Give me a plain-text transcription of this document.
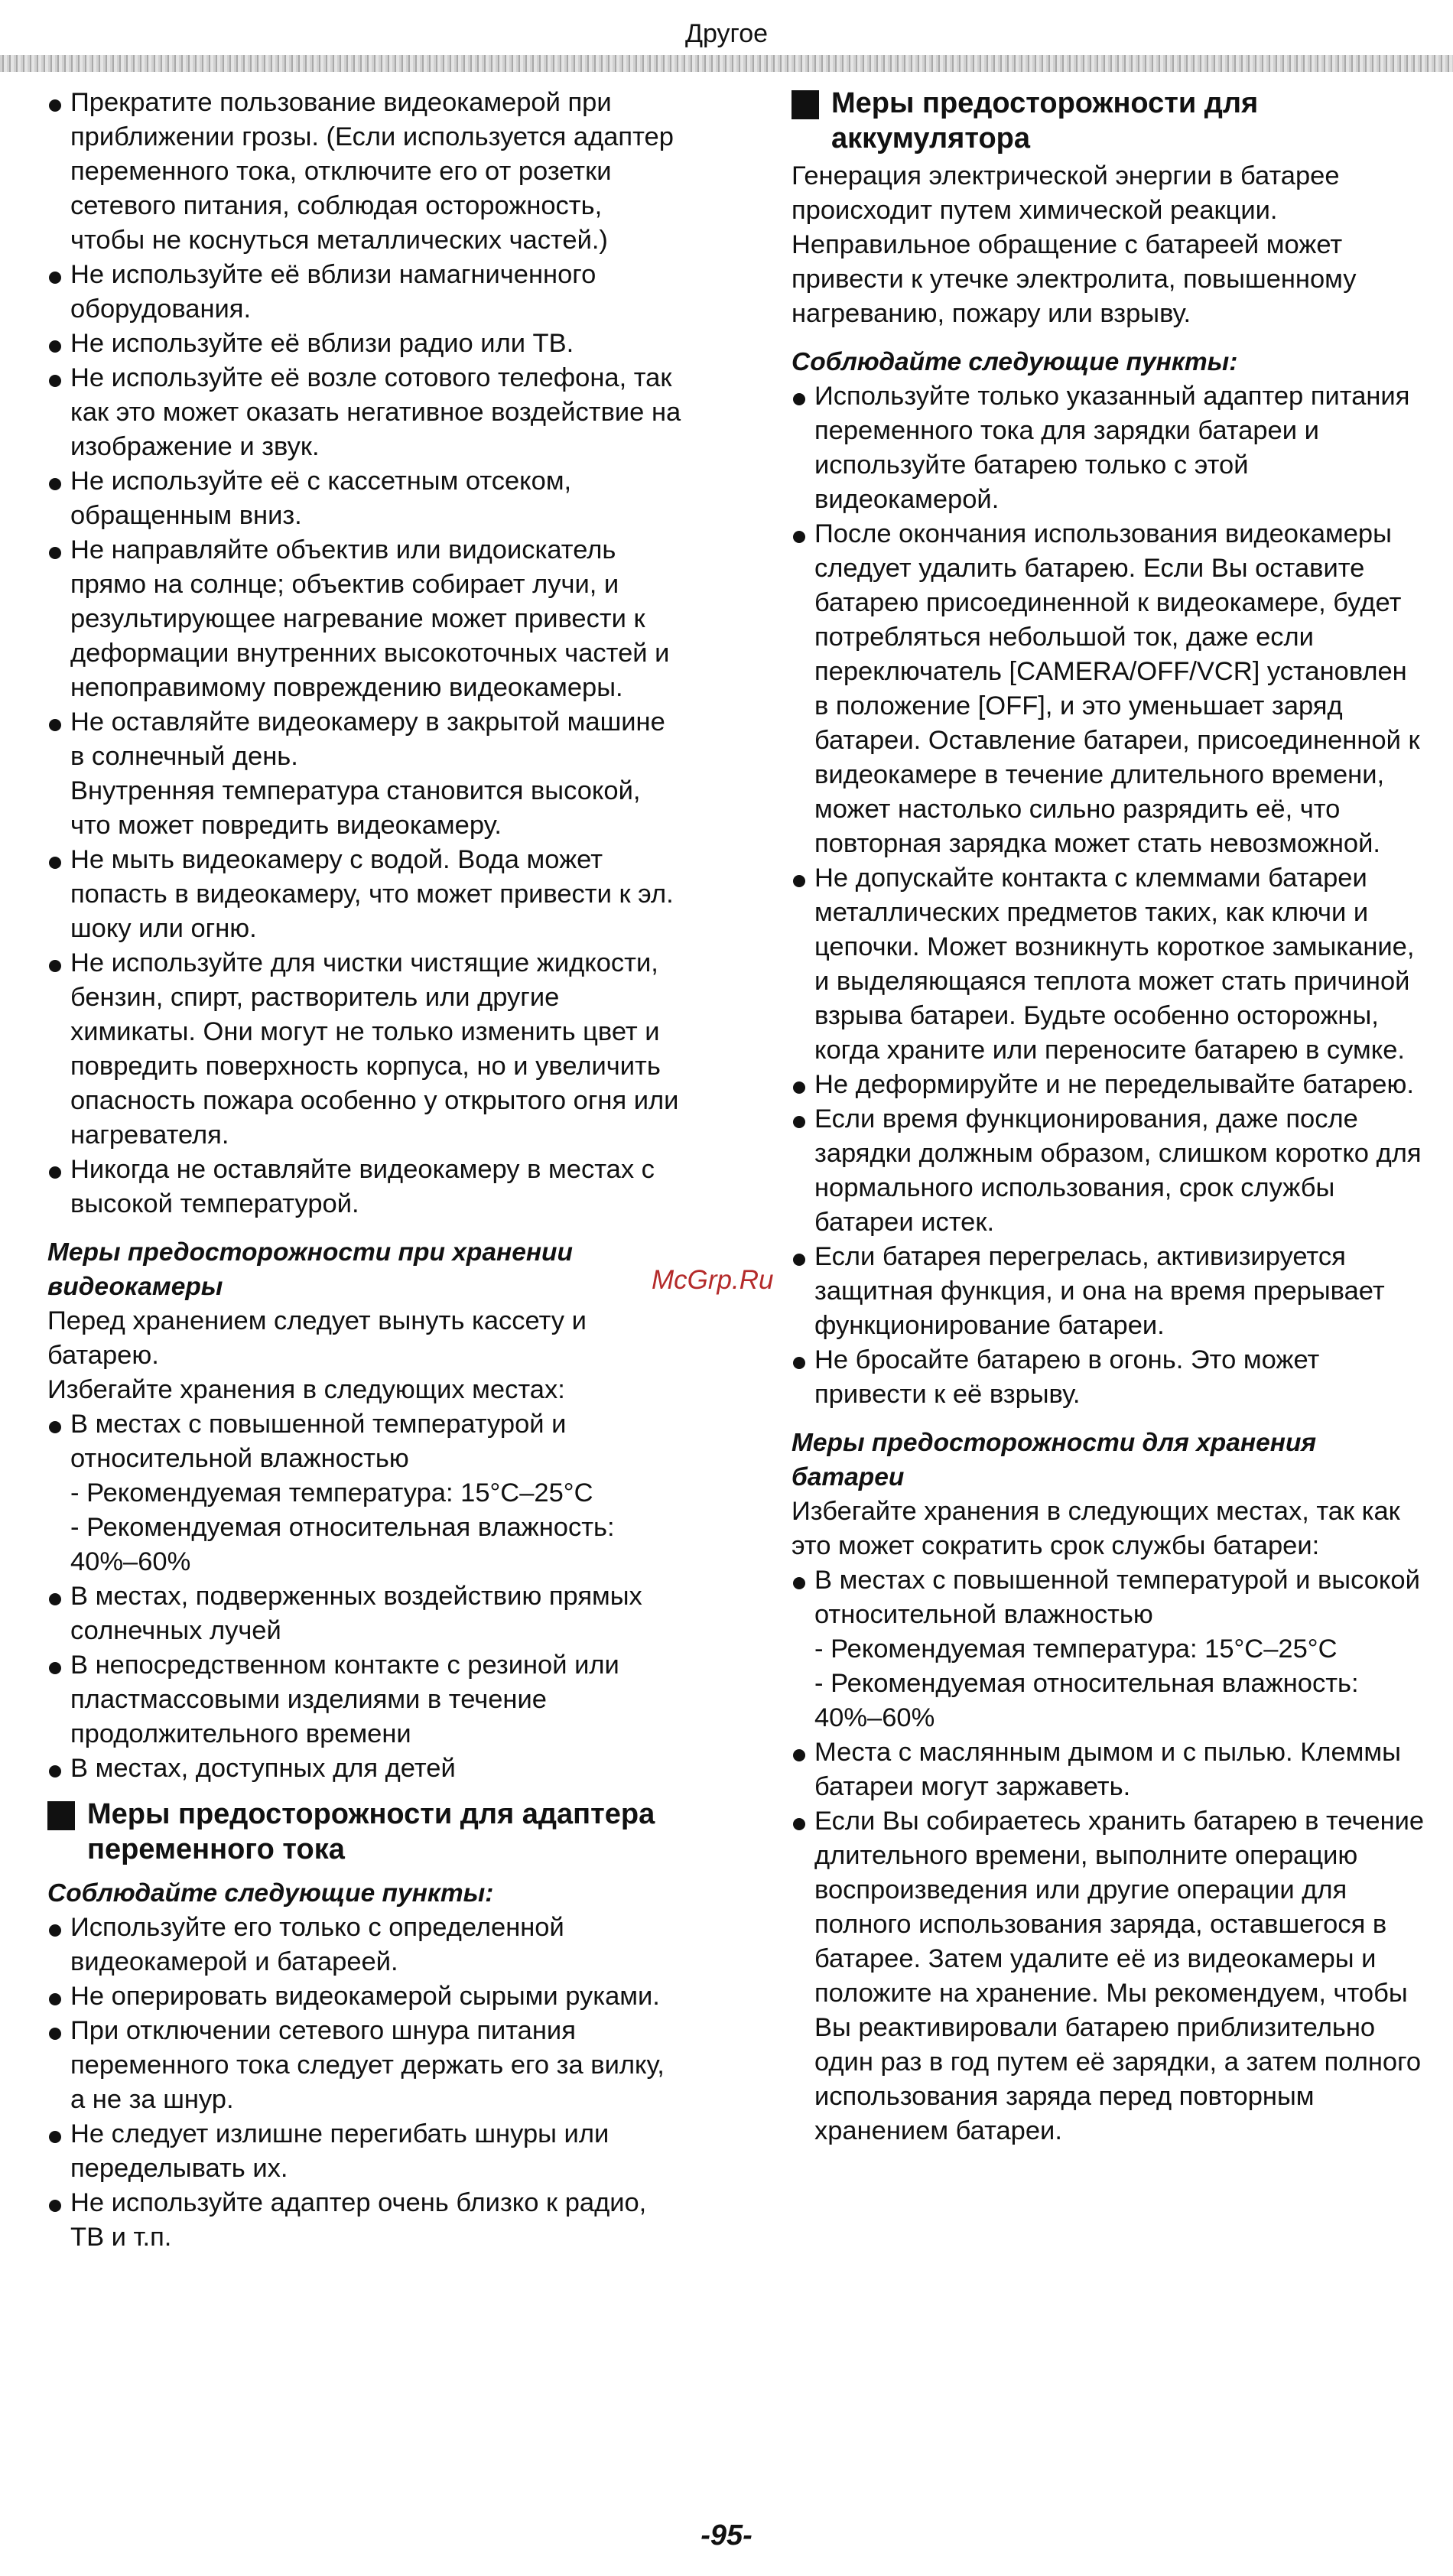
Другое
Прекратите пользование видеокамерой при приближении грозы. (Если используется адаптер переменного тока, отключите его от розетки сетевого питания, соблюдая осторожность, чтобы не коснуться металлических частей.)
Не используйте её вблизи намагниченного оборудования.
Не используйте её вблизи радио или ТВ.
Не используйте её возле сотового телефона, так как это может оказать негативное воздействие на изображение и звук.
Не используйте её с кассетным отсеком, обращенным вниз.
Не направляйте объектив или видоискатель прямо на солнце; объектив собирает лучи, и результирующее нагревание может привести к деформации внутренних высокоточных частей и непоправимому повреждению видеокамеры.
Не оставляйте видеокамеру в закрытой машине в солнечный день.
Внутренняя температура становится высокой, что может повредить видеокамеру.
Не мыть видеокамеру с водой. Вода может попасть в видеокамеру, что может привести к эл. шоку или огню.
Не используйте для чистки чистящие жидкости, бензин, спирт, растворитель или другие химикаты. Они могут не только изменить цвет и повредить поверхность корпуса, но и увеличить опасность пожара особенно у открытого огня или нагревателя.
Никогда не оставляйте видеокамеру в местах с высокой температурой.
Меры предосторожности при хранении видеокамеры

Перед хранением следует вынуть кассету и батарею.

Избегайте хранения в следующих местах:

В местах с повышенной температурой и относительной влажностью
- Рекомендуемая температура: 15°C–25°C
- Рекомендуемая относительная влажность: 40%–60%
В местах, подверженных воздействию прямых солнечных лучей
В непосредственном контакте с резиной или пластмассовыми изделиями в течение продолжительного времени
В местах, доступных для детей
Меры предосторожности для адаптера переменного тока
Соблюдайте следующие пункты:
Используйте его только с определенной видеокамерой и батареей.
Не оперировать видеокамерой сырыми руками.
При отключении сетевого шнура питания переменного тока следует держать его за вилку, а не за шнур.
Не следует излишне перегибать шнуры или переделывать их.
Не используйте адаптер очень близко к радио, ТВ и т.п.
Меры предосторожности для аккумулятора

Генерация электрической энергии в батарее происходит путем химической реакции. Неправильное обращение с батареей может привести к утечке электролита, повышенному нагреванию, пожару или взрыву.

Соблюдайте следующие пункты:
Используйте только указанный адаптер питания переменного тока для зарядки батареи и используйте батарею только с этой видеокамерой.
После окончания использования видеокамеры следует удалить батарею. Если Вы оставите батарею присоединенной к видеокамере, будет потребляться небольшой ток, даже если переключатель [CAMERA/OFF/VCR] установлен в положение [OFF], и это уменьшает заряд батареи. Оставление батареи, присоединенной к видеокамере в течение длительного времени, может настолько сильно разрядить её, что повторная зарядка может стать невозможной.
Не допускайте контакта с клеммами батареи металлических предметов таких, как ключи и цепочки. Может возникнуть короткое замыкание, и выделяющаяся теплота может стать причиной взрыва батареи. Будьте особенно осторожны, когда храните или переносите батарею в сумке.
Не деформируйте и не переделывайте батарею.
Если время функционирования, даже после зарядки должным образом, слишком коротко для нормального использования, срок службы батареи истек.
Если батарея перегрелась, активизируется защитная функция, и она на время прерывает функционирование батареи.
Не бросайте батарею в огонь. Это может привести к её взрыву.
Меры предосторожности для хранения батареи

Избегайте хранения в следующих местах, так как это может сократить срок службы батареи:

В местах с повышенной температурой и высокой относительной влажностью
- Рекомендуемая температура: 15°C–25°C
- Рекомендуемая относительная влажность: 40%–60%
Места с маслянным дымом и с пылью. Клеммы батареи могут заржаветь.
Если Вы собираетесь хранить батарею в течение длительного времени, выполните операцию воспроизведения или другие операции для полного использования заряда, оставшегося в батарее. Затем удалите её из видеокамеры и положите на хранение. Мы рекомендуем, чтобы Вы реактивировали батарею приблизительно один раз в год путем её зарядки, а затем полного использования заряда перед повторным хранением батареи.
McGrp.Ru
-95-
